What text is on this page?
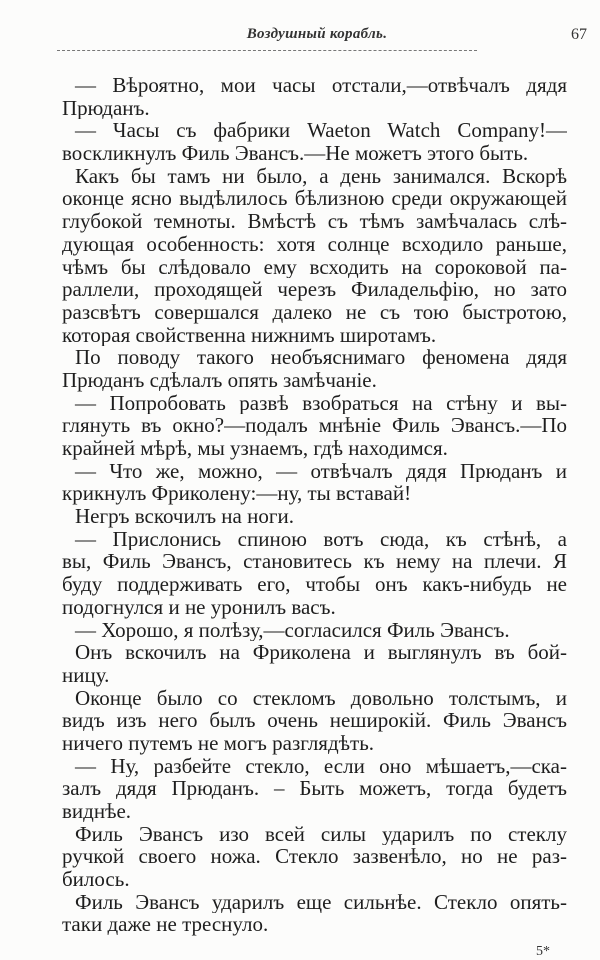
Воздушный корабль.	67
— Вѣроятно, мои часы отстали,—отвѣчалъ дядя
Прюданъ.
— Часы съ фабрики Waeton Watch Company!—
воскликнулъ Филь Эвансъ.—Не можетъ этого быть.
Какъ бы тамъ ни было, а день занимался. Вскорѣ
оконце ясно выдѣлилось бѣлизною среди окружающей
глубокой темноты. Вмѣстѣ съ тѣмъ замѣчалась слѣ-
дующая особенность: хотя солнце всходило раньше,
чѣмъ бы слѣдовало ему всходить на сороковой па-
раллели, проходящей черезъ Филадельфію, но зато
разсвѣтъ совершался далеко не съ тою быстротою,
которая свойственна нижнимъ широтамъ.
По поводу такого необъяснимаго феномена дядя
Прюданъ сдѣлалъ опять замѣчаніе.
— Попробовать развѣ взобраться на стѣну и вы-
глянуть въ окно?—подалъ мнѣніе Филь Эвансъ.—По
крайней мѣрѣ, мы узнаемъ, гдѣ находимся.
— Что же, можно, — отвѣчалъ дядя Прюданъ и
крикнулъ Фриколену:—ну, ты вставай!
Негръ вскочилъ на ноги.
— Прислонись спиною вотъ сюда, къ стѣнѣ, а
вы, Филь Эвансъ, становитесь къ нему на плечи. Я
буду поддерживать его, чтобы онъ какъ-нибудь не
подогнулся и не уронилъ васъ.
— Хорошо, я полѣзу,—согласился Филь Эвансъ.
Онъ вскочилъ на Фриколена и выглянулъ въ бой-
ницу.
Оконце было со стекломъ довольно толстымъ, и
видъ изъ него былъ очень неширокій. Филь Эвансъ
ничего путемъ не могъ разглядѣть.
— Ну, разбейте стекло, если оно мѣшаетъ,—ска-
залъ дядя Прюданъ. – Быть можетъ, тогда будетъ
виднѣе.
Филь Эвансъ изо всей силы ударилъ по стеклу
ручкой своего ножа. Стекло зазвенѣло, но не раз-
билось.
Филь Эвансъ ударилъ еще сильнѣе. Стекло опять-
таки даже не треснуло.
5*
